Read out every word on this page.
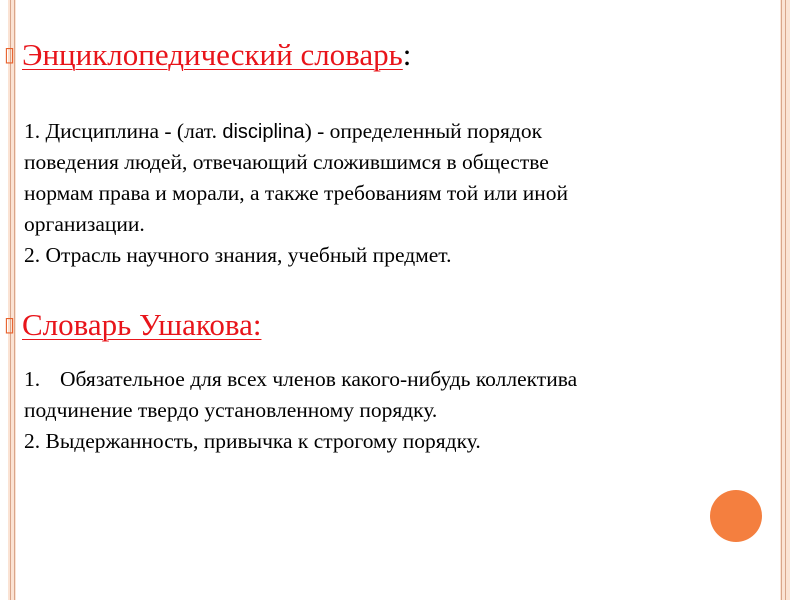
▯ Энциклопедический словарь:
1. Дисциплина - (лат. disciplina) - определенный порядок
поведения людей, отвечающий сложившимся в обществе
нормам права и морали, а также требованиям той или иной
организации.
2. Отрасль научного знания, учебный предмет.
▯ Словарь Ушакова:
1. Обязательное для всех членов какого-нибудь коллектива
подчинение твердо установленному порядку.
2. Выдержанность, привычка к строгому порядку.
